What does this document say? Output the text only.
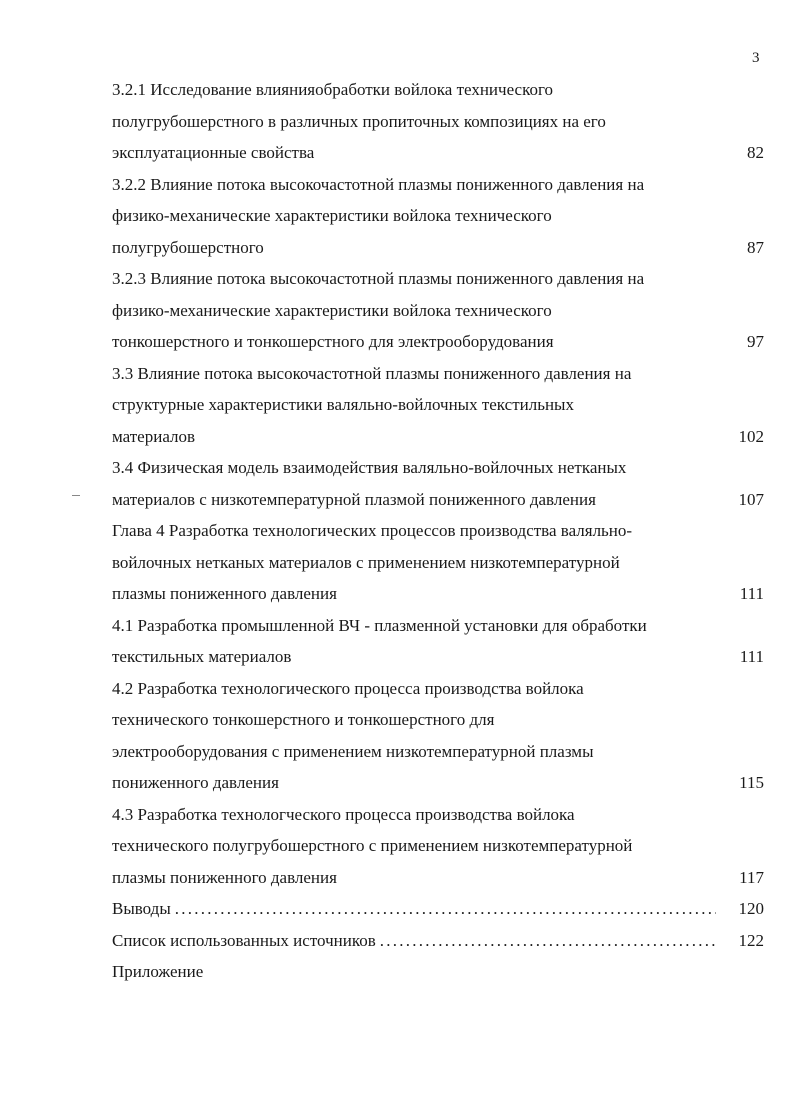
3
3.2.1 Исследование влиянияобработки войлока технического
полугрубошерстного в различных пропиточных композициях на его
эксплуатационные свойства	82
3.2.2 Влияние потока высокочастотной плазмы пониженного давления на
физико-механические характеристики войлока технического
полугрубошерстного	87
3.2.3 Влияние потока высокочастотной плазмы пониженного давления на
физико-механические характеристики войлока технического
тонкошерстного и тонкошерстного для электрооборудования	97
3.3 Влияние потока высокочастотной плазмы пониженного давления на
структурные характеристики валяльно-войлочных текстильных
материалов	102
3.4 Физическая модель взаимодействия валяльно-войлочных нетканых
материалов с низкотемпературной плазмой пониженного давления	107
Глава 4 Разработка технологических процессов производства валяльно-
войлочных нетканых материалов с применением низкотемпературной
плазмы пониженного давления	111
4.1 Разработка промышленной ВЧ - плазменной установки для обработки
текстильных материалов	111
4.2 Разработка технологического процесса производства войлока
технического тонкошерстного и тонкошерстного для
электрооборудования с применением низкотемпературной плазмы
пониженного давления	115
4.3 Разработка технологческого процесса производства войлока
технического полугрубошерстного с применением низкотемпературной
плазмы пониженного давления	117
Выводы . . .	120
Список использованных источников . . .	122
Приложение
